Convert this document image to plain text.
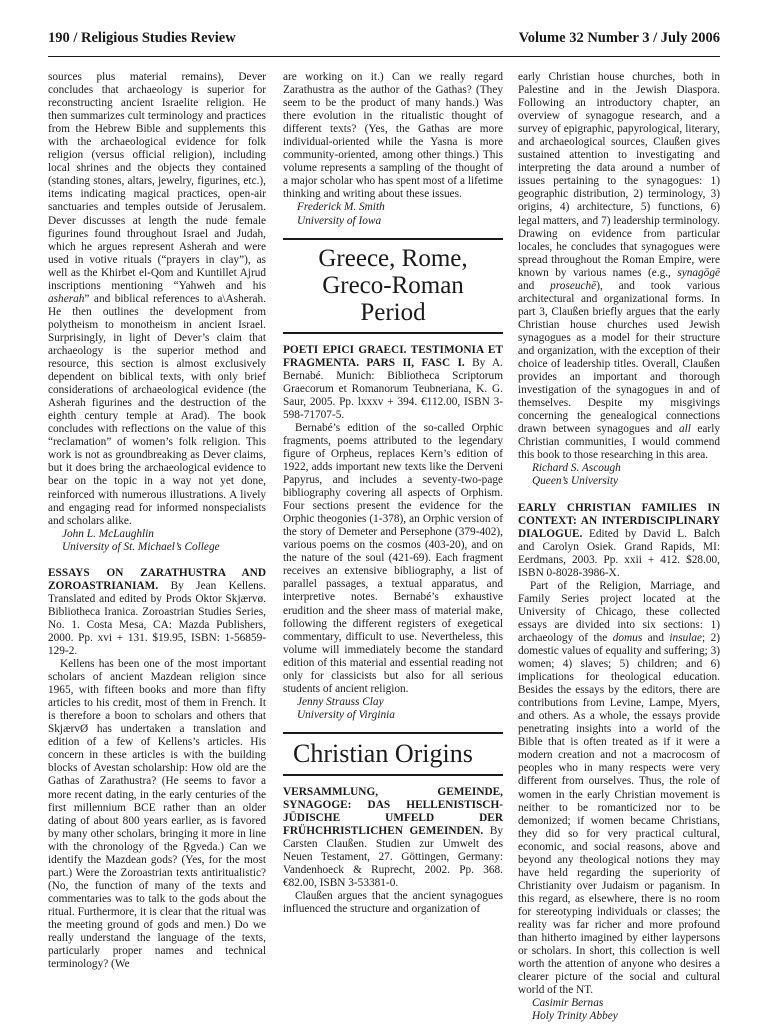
190 / Religious Studies Review	Volume 32 Number 3 / July 2006

sources plus material remains), Dever concludes that archaeology is superior for reconstructing ancient Israelite religion. He then summarizes cult terminology and practices from the Hebrew Bible and supplements this with the archaeological evidence for folk religion (versus official religion), including local shrines and the objects they contained (standing stones, altars, jewelry, figurines, etc.), items indicating magical practices, open-air sanctuaries and temples outside of Jerusalem. Dever discusses at length the nude female figurines found throughout Israel and Judah, which he argues represent Asherah and were used in votive rituals (“prayers in clay”), as well as the Khirbet el-Qom and Kuntillet Ajrud inscriptions mentioning “Yahweh and his asherah” and biblical references to a\Asherah. He then outlines the development from polytheism to monotheism in ancient Israel. Surprisingly, in light of Dever’s claim that archaeology is the superior method and resource, this section is almost exclusively dependent on biblical texts, with only brief considerations of archaeological evidence (the Asherah figurines and the destruction of the eighth century temple at Arad). The book concludes with reflections on the value of this “reclamation” of women’s folk religion. This work is not as groundbreaking as Dever claims, but it does bring the archaeological evidence to bear on the topic in a way not yet done, reinforced with numerous illustrations. A lively and engaging read for informed nonspecialists and scholars alike.

John L. McLaughlin
University of St. Michael’s College

ESSAYS ON ZARATHUSTRA AND ZOROASTRIANIAM. By Jean Kellens. Translated and edited by Prods Oktor Skjærvø. Bibliotheca Iranica. Zoroastrian Studies Series, No. 1. Costa Mesa, CA: Mazda Publishers, 2000. Pp. xvi + 131. $19.95, ISBN: 1-56859-129-2.

Kellens has been one of the most important scholars of ancient Mazdean religion since 1965, with fifteen books and more than fifty articles to his credit, most of them in French. It is therefore a boon to scholars and others that SkjærvØ has undertaken a translation and edition of a few of Kellens’s articles. His concern in these articles is with the building blocks of Avestan scholarship: How old are the Gathas of Zarathustra? (He seems to favor a more recent dating, in the early centuries of the first millennium BCE rather than an older dating of about 800 years earlier, as is favored by many other scholars, bringing it more in line with the chronology of the Ṛgveda.) Can we identify the Mazdean gods? (Yes, for the most part.) Were the Zoroastrian texts antiritualistic? (No, the function of many of the texts and commentaries was to talk to the gods about the ritual. Furthermore, it is clear that the ritual was the meeting ground of gods and men.) Do we really understand the language of the texts, particularly proper names and technical terminology? (We

are working on it.) Can we really regard Zarathustra as the author of the Gathas? (They seem to be the product of many hands.) Was there evolution in the ritualistic thought of different texts? (Yes, the Gathas are more individual-oriented while the Yasna is more community-oriented, among other things.) This volume represents a sampling of the thought of a major scholar who has spent most of a lifetime thinking and writing about these issues.

Frederick M. Smith
University of Iowa
Greece, Rome,
Greco-Roman
Period

POETI EPICI GRAECI. TESTIMONIA ET FRAGMENTA. PARS II, FASC I. By A. Bernabé. Munich: Bibliotheca Scriptorum Graecorum et Romanorum Teubneriana, K. G. Saur, 2005. Pp. lxxxv + 394. €112.00, ISBN 3-598-71707-5.

Bernabé’s edition of the so-called Orphic fragments, poems attributed to the legendary figure of Orpheus, replaces Kern’s edition of 1922, adds important new texts like the Derveni Papyrus, and includes a seventy-two-page bibliography covering all aspects of Orphism. Four sections present the evidence for the Orphic theogonies (1-378), an Orphic version of the story of Demeter and Persephone (379-402), various poems on the cosmos (403-20), and on the nature of the soul (421-69). Each fragment receives an extensive bibliography, a list of parallel passages, a textual apparatus, and interpretive notes. Bernabé’s exhaustive erudition and the sheer mass of material make, following the different registers of exegetical commentary, difficult to use. Nevertheless, this volume will immediately become the standard edition of this material and essential reading not only for classicists but also for all serious students of ancient religion.

Jenny Strauss Clay
University of Virginia
Christian Origins

VERSAMMLUNG, GEMEINDE, SYNAGOGE: DAS HELLENISTISCH-JÜDISCHE UMFELD DER FRÜHCHRISTLICHEN GEMEINDEN. By Carsten Claußen. Studien zur Umwelt des Neuen Testament, 27. Göttingen, Germany: Vandenhoeck & Ruprecht, 2002. Pp. 368. €82.00, ISBN 3-53381-0.

Claußen argues that the ancient synagogues influenced the structure and organization of

early Christian house churches, both in Palestine and in the Jewish Diaspora. Following an introductory chapter, an overview of synagogue research, and a survey of epigraphic, papyrological, literary, and archaeological sources, Claußen gives sustained attention to investigating and interpreting the data around a number of issues pertaining to the synagogues: 1) geographic distribution, 2) terminology, 3) origins, 4) architecture, 5) functions, 6) legal matters, and 7) leadership terminology. Drawing on evidence from particular locales, he concludes that synagogues were spread throughout the Roman Empire, were known by various names (e.g., synagōgē and proseuchē), and took various architectural and organizational forms. In part 3, Claußen briefly argues that the early Christian house churches used Jewish synagogues as a model for their structure and organization, with the exception of their choice of leadership titles. Overall, Claußen provides an important and thorough investigation of the synagogues in and of themselves. Despite my misgivings concerning the genealogical connections drawn between synagogues and all early Christian communities, I would commend this book to those researching in this area.

Richard S. Ascough
Queen’s University

EARLY CHRISTIAN FAMILIES IN CONTEXT: AN INTERDISCIPLINARY DIALOGUE. Edited by David L. Balch and Carolyn Osiek. Grand Rapids, MI: Eerdmans, 2003. Pp. xxii + 412. $28.00, ISBN 0-8028-3986-X.

Part of the Religion, Marriage, and Family Series project located at the University of Chicago, these collected essays are divided into six sections: 1) archaeology of the domus and insulae; 2) domestic values of equality and suffering; 3) women; 4) slaves; 5) children; and 6) implications for theological education. Besides the essays by the editors, there are contributions from Levine, Lampe, Myers, and others. As a whole, the essays provide penetrating insights into a world of the Bible that is often treated as if it were a modern creation and not a macrocosm of peoples who in many respects were very different from ourselves. Thus, the role of women in the early Christian movement is neither to be romanticized nor to be demonized; if women became Christians, they did so for very practical cultural, economic, and social reasons, above and beyond any theological notions they may have held regarding the superiority of Christianity over Judaism or paganism. In this regard, as elsewhere, there is no room for stereotyping individuals or classes; the reality was far richer and more profound than hitherto imagined by either laypersons or scholars. In short, this collection is well worth the attention of anyone who desires a clearer picture of the social and cultural world of the NT.

Casimir Bernas
Holy Trinity Abbey
